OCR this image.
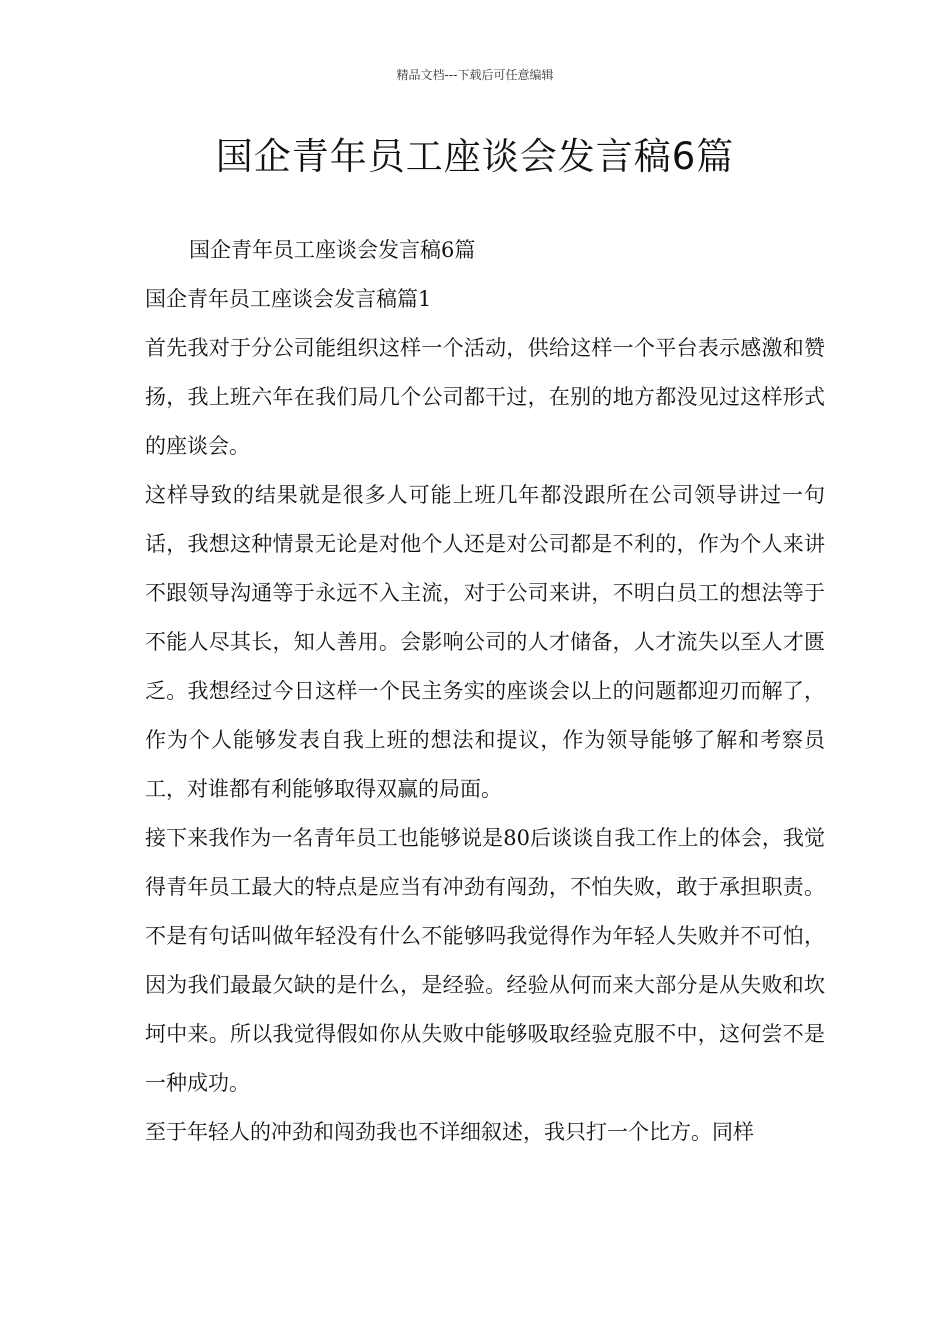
精品文档---下载后可任意编辑
国企青年员工座谈会发言稿6篇

国企青年员工座谈会发言稿6篇

国企青年员工座谈会发言稿篇1

首先我对于分公司能组织这样一个活动，供给这样一个平台表示感激和赞扬，我上班六年在我们局几个公司都干过，在别的地方都没见过这样形式的座谈会。

这样导致的结果就是很多人可能上班几年都没跟所在公司领导讲过一句话，我想这种情景无论是对他个人还是对公司都是不利的，作为个人来讲不跟领导沟通等于永远不入主流，对于公司来讲，不明白员工的想法等于不能人尽其长，知人善用。会影响公司的人才储备，人才流失以至人才匮乏。我想经过今日这样一个民主务实的座谈会以上的问题都迎刃而解了，作为个人能够发表自我上班的想法和提议，作为领导能够了解和考察员工，对谁都有利能够取得双赢的局面。

接下来我作为一名青年员工也能够说是80后谈谈自我工作上的体会，我觉得青年员工最大的特点是应当有冲劲有闯劲，不怕失败，敢于承担职责。不是有句话叫做年轻没有什么不能够吗我觉得作为年轻人失败并不可怕，因为我们最最欠缺的是什么，是经验。经验从何而来大部分是从失败和坎坷中来。所以我觉得假如你从失败中能够吸取经验克服不中，这何尝不是一种成功。

至于年轻人的冲劲和闯劲我也不详细叙述，我只打一个比方。同样
